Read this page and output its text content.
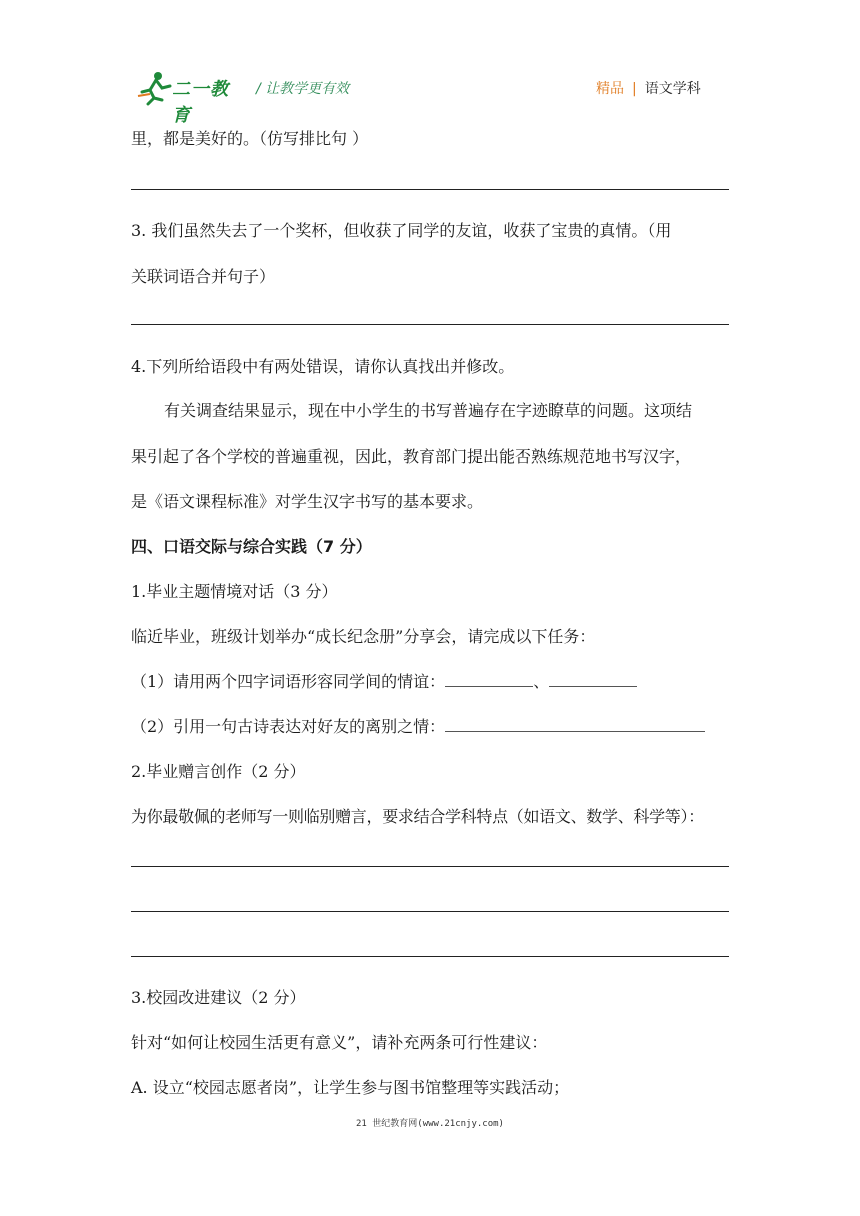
二一教育
/ 让教学更有效	精品 | 语文学科
里，都是美好的。（仿写排比句 ）
3. 我们虽然失去了一个奖杯，但收获了同学的友谊，收获了宝贵的真情。（用
关联词语合并句子）
4.下列所给语段中有两处错误，请你认真找出并修改。
有关调查结果显示，现在中小学生的书写普遍存在字迹瞭草的问题。这项结
果引起了各个学校的普遍重视，因此，教育部门提出能否熟练规范地书写汉字，
是《语文课程标准》对学生汉字书写的基本要求。
四、口语交际与综合实践（7 分）
1.毕业主题情境对话（3 分）
临近毕业，班级计划举办“成长纪念册”分享会，请完成以下任务：
（1）请用两个四字词语形容同学间的情谊：	、
（2）引用一句古诗表达对好友的离别之情：
2.毕业赠言创作（2 分）
为你最敬佩的老师写一则临别赠言，要求结合学科特点（如语文、数学、科学等）：
3.校园改进建议（2 分）
针对“如何让校园生活更有意义”，请补充两条可行性建议：
A. 设立“校园志愿者岗”，让学生参与图书馆整理等实践活动；
21 世纪教育网(www.21cnjy.com)
